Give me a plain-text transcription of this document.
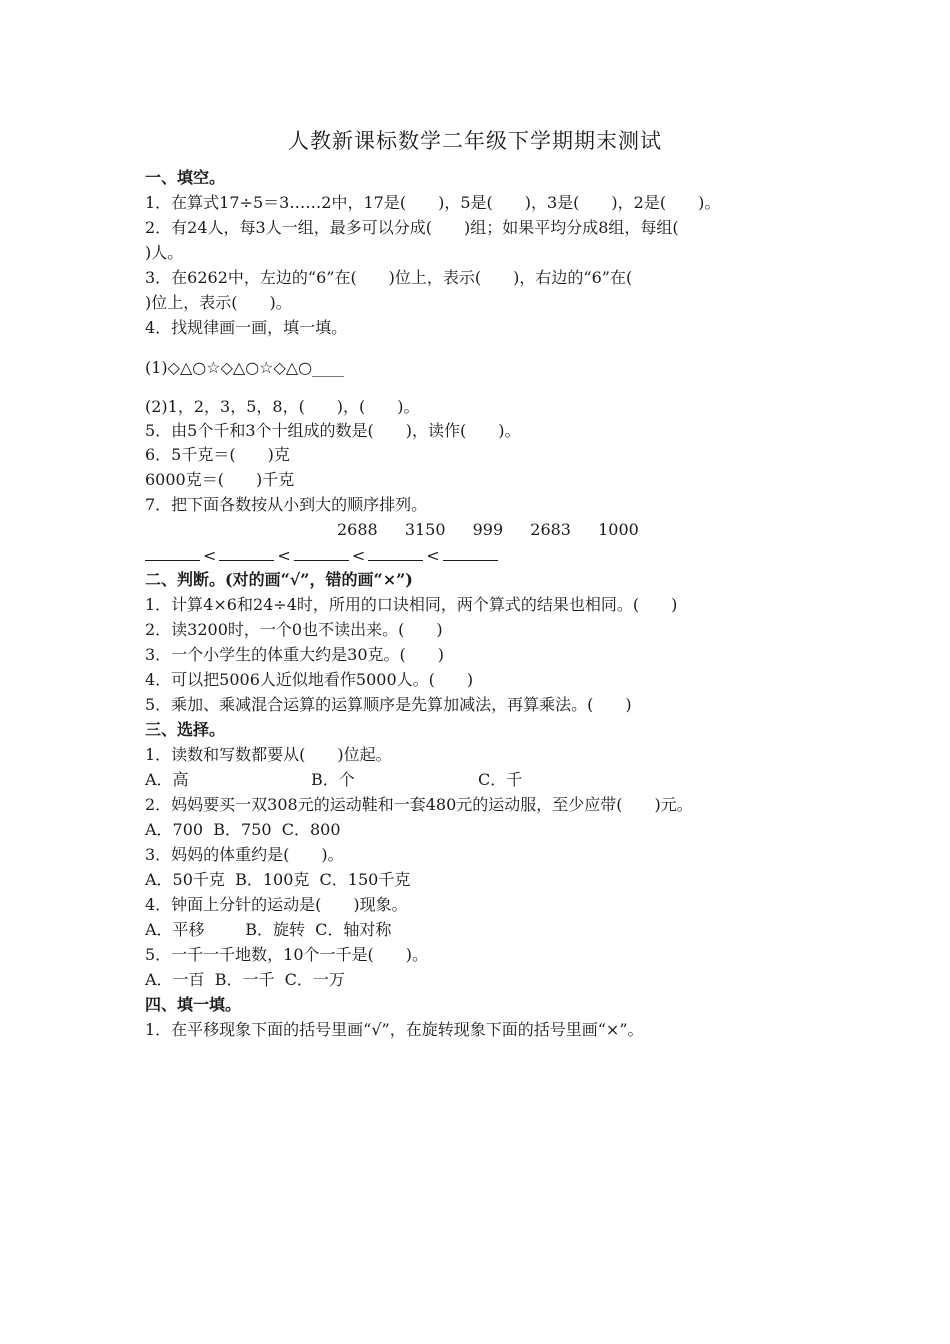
人教新课标数学二年级下学期期末测试
一、填空。
1．在算式17÷5＝3……2中，17是(　　)，5是(　　)，3是(　　)，2是(　　)。
2．有24人，每3人一组，最多可以分成(　　)组；如果平均分成8组，每组(
)人。
3．在6262中，左边的“6”在(　　)位上，表示(　　)，右边的“6”在(
)位上，表示(　　)。
4．找规律画一画，填一填。
(1)◇△○☆◇△○☆◇△○____
(2)1，2，3，5，8，(　　)，(　　)。
5．由5个千和3个十组成的数是(　　)，读作(　　)。
6．5千克＝(　　)克
6000克＝(　　)千克
7．把下面各数按从小到大的顺序排列。
2688 3150 999 2683 1000
<	<	<	<
二、判断。(对的画“√”，错的画“×”)
1．计算4×6和24÷4时，所用的口诀相同，两个算式的结果也相同。(　　)
2．读3200时，一个0也不读出来。(　　)
3．一个小学生的体重大约是30克。(　　)
4．可以把5006人近似地看作5000人。(　　)
5．乘加、乘减混合运算的运算顺序是先算加减法，再算乘法。(　　)
三、选择。
1．读数和写数都要从(　　)位起。
A．高	B．个	C．千
2．妈妈要买一双308元的运动鞋和一套480元的运动服，至少应带(　　)元。
A．700  B．750  C．800
3．妈妈的体重约是(　　)。
A．50千克  B．100克  C．150千克
4．钟面上分针的运动是(　　)现象。
A．平移        B．旋转  C．轴对称
5．一千一千地数，10个一千是(　　)。
A．一百  B．一千  C．一万
四、填一填。
1．在平移现象下面的括号里画“√”，在旋转现象下面的括号里画“×”。
